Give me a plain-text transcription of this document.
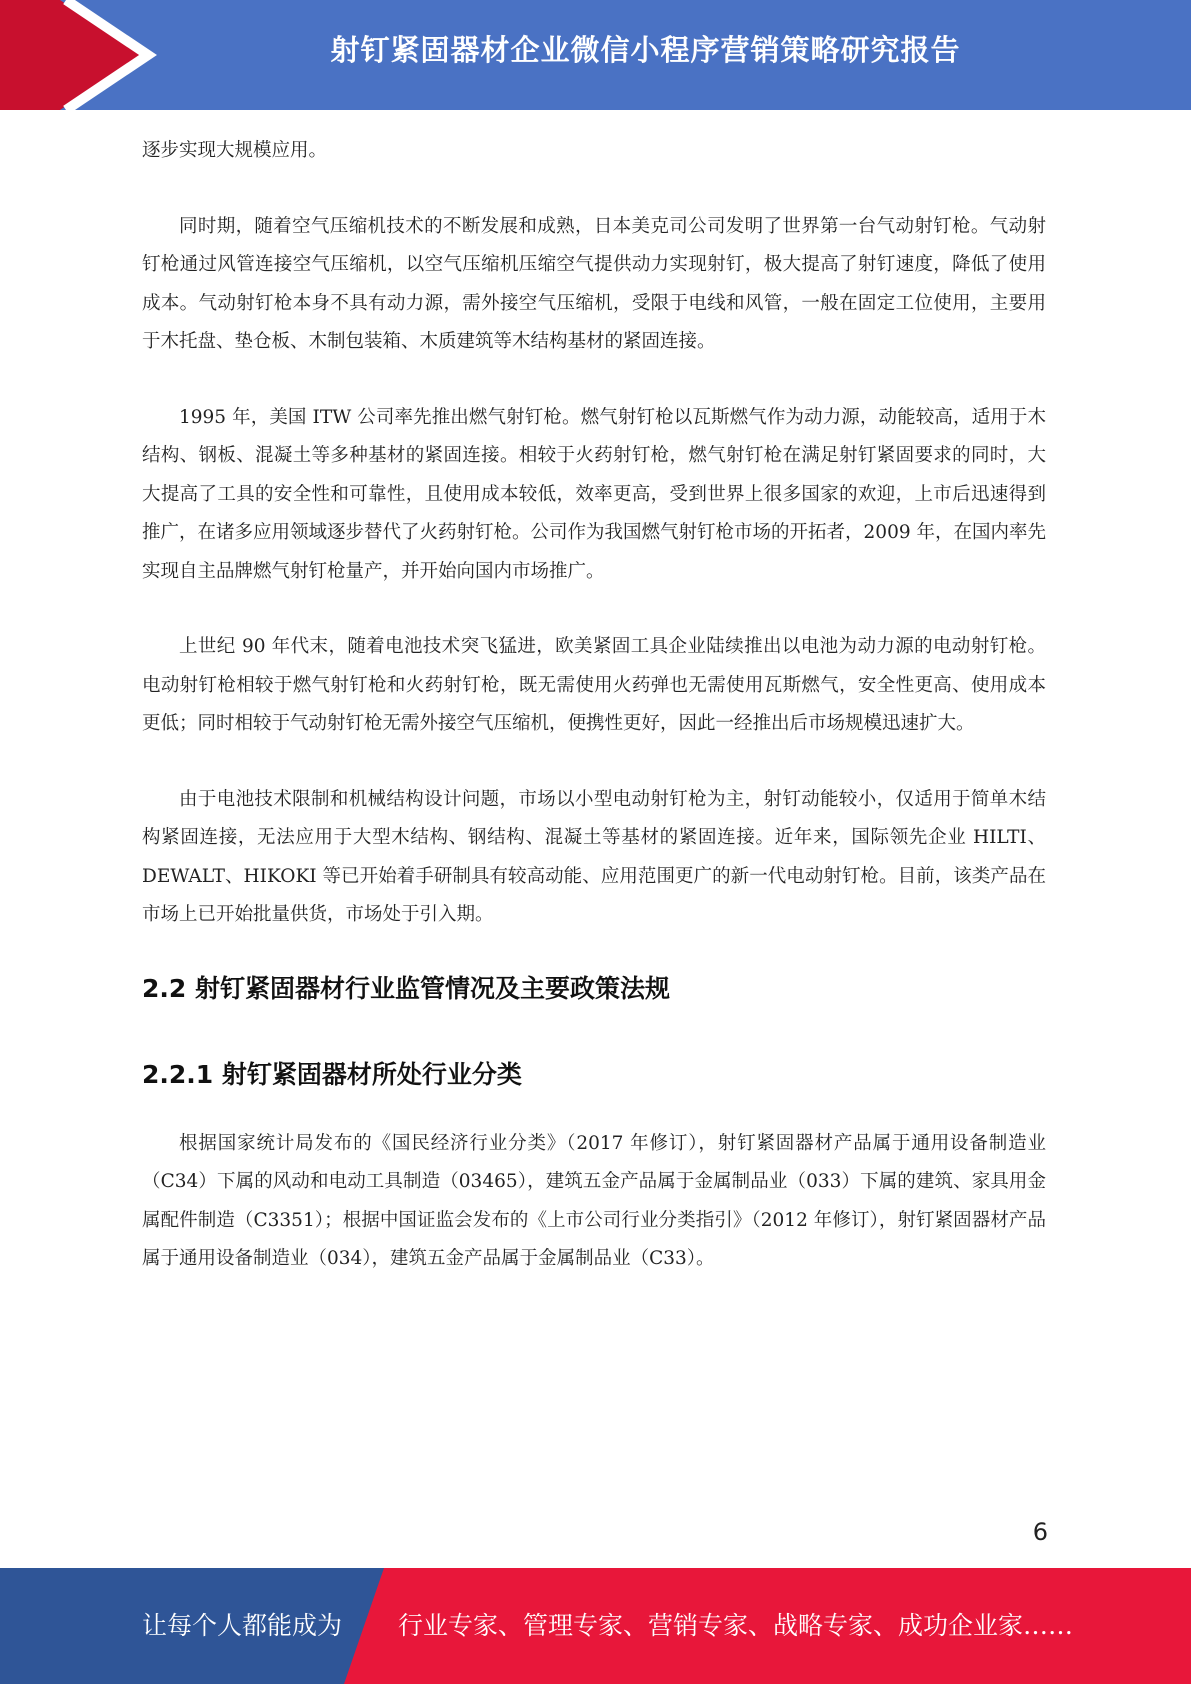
射钉紧固器材企业微信小程序营销策略研究报告

逐步实现大规模应用。

同时期，随着空气压缩机技术的不断发展和成熟，日本美克司公司发明了世界第一台气动射钉枪。气动射钉枪通过风管连接空气压缩机，以空气压缩机压缩空气提供动力实现射钉，极大提高了射钉速度，降低了使用成本。气动射钉枪本身不具有动力源，需外接空气压缩机，受限于电线和风管，一般在固定工位使用，主要用于木托盘、垫仓板、木制包装箱、木质建筑等木结构基材的紧固连接。

1995 年，美国 ITW 公司率先推出燃气射钉枪。燃气射钉枪以瓦斯燃气作为动力源，动能较高，适用于木结构、钢板、混凝土等多种基材的紧固连接。相较于火药射钉枪，燃气射钉枪在满足射钉紧固要求的同时，大大提高了工具的安全性和可靠性，且使用成本较低，效率更高，受到世界上很多国家的欢迎，上市后迅速得到推广，在诸多应用领域逐步替代了火药射钉枪。公司作为我国燃气射钉枪市场的开拓者，2009 年，在国内率先实现自主品牌燃气射钉枪量产，并开始向国内市场推广。

上世纪 90 年代末，随着电池技术突飞猛进，欧美紧固工具企业陆续推出以电池为动力源的电动射钉枪。电动射钉枪相较于燃气射钉枪和火药射钉枪，既无需使用火药弹也无需使用瓦斯燃气，安全性更高、使用成本更低；同时相较于气动射钉枪无需外接空气压缩机，便携性更好，因此一经推出后市场规模迅速扩大。

由于电池技术限制和机械结构设计问题，市场以小型电动射钉枪为主，射钉动能较小，仅适用于简单木结构紧固连接，无法应用于大型木结构、钢结构、混凝土等基材的紧固连接。近年来，国际领先企业 HILTI、DEWALT、HIKOKI 等已开始着手研制具有较高动能、应用范围更广的新一代电动射钉枪。目前，该类产品在市场上已开始批量供货，市场处于引入期。

2.2 射钉紧固器材行业监管情况及主要政策法规
2.2.1 射钉紧固器材所处行业分类

根据国家统计局发布的《国民经济行业分类》（2017 年修订），射钉紧固器材产品属于通用设备制造业（C34）下属的风动和电动工具制造（03465），建筑五金产品属于金属制品业（033）下属的建筑、家具用金属配件制造（C3351）；根据中国证监会发布的《上市公司行业分类指引》（2012 年修订），射钉紧固器材产品属于通用设备制造业（034），建筑五金产品属于金属制品业（C33）。

6
让每个人都能成为 行业专家、管理专家、营销专家、战略专家、成功企业家……
